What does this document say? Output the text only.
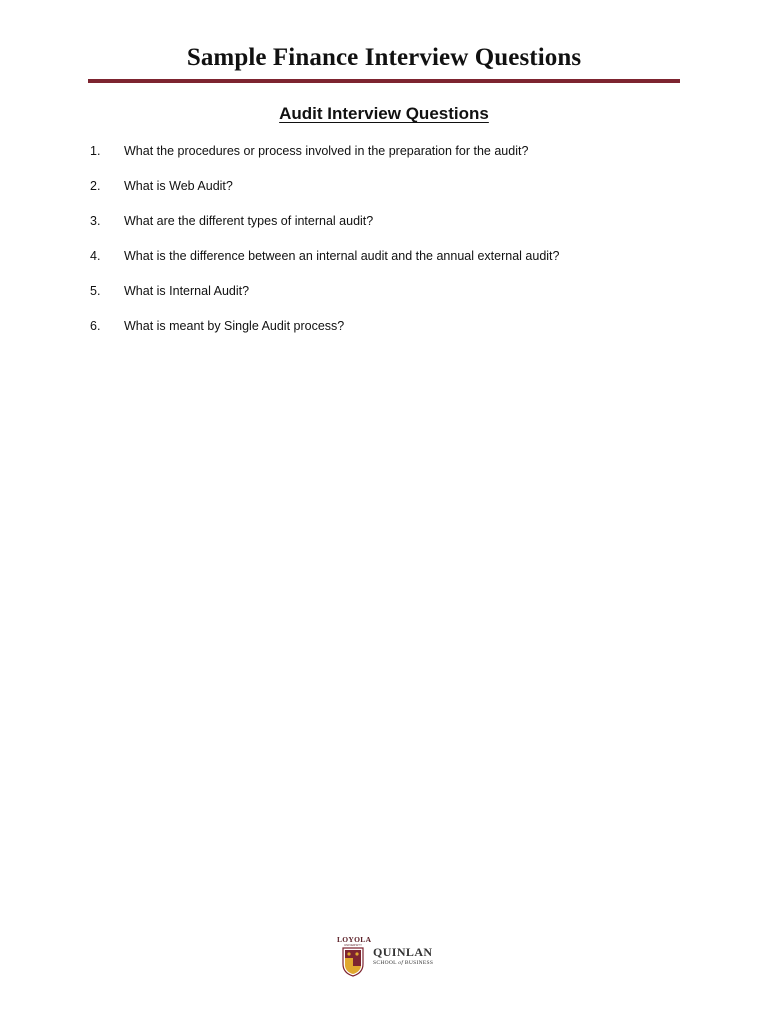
Sample Finance Interview Questions
Audit Interview Questions
1. What the procedures or process involved in the preparation for the audit?
2. What is Web Audit?
3. What are the different types of internal audit?
4. What is the difference between an internal audit and the annual external audit?
5. What is Internal Audit?
6. What is meant by Single Audit process?
LOYOLA
UNIVERSITY QUINLAN
SCHOOL of BUSINESS
